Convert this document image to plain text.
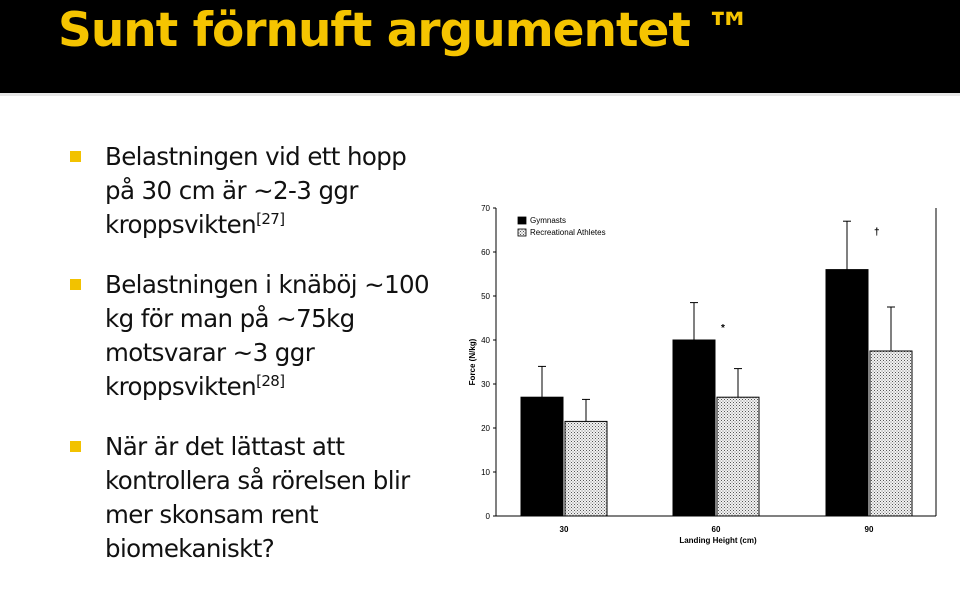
Sunt förnuft argumentet ™
Belastningen vid ett hopp på 30 cm är ~2-3 ggr kroppsvikten[27]
Belastningen i knäböj ~100 kg för man på ~75kg motsvarar ~3 ggr kroppsvikten[28]
När är det lättast att kontrollera så rörelsen blir mer skonsam rent biomekaniskt?
0
10
20
30
40
50
60
70
Force (N/kg)
30	60	90
*
†
Landing Height (cm)
Gymnasts
Recreational Athletes
